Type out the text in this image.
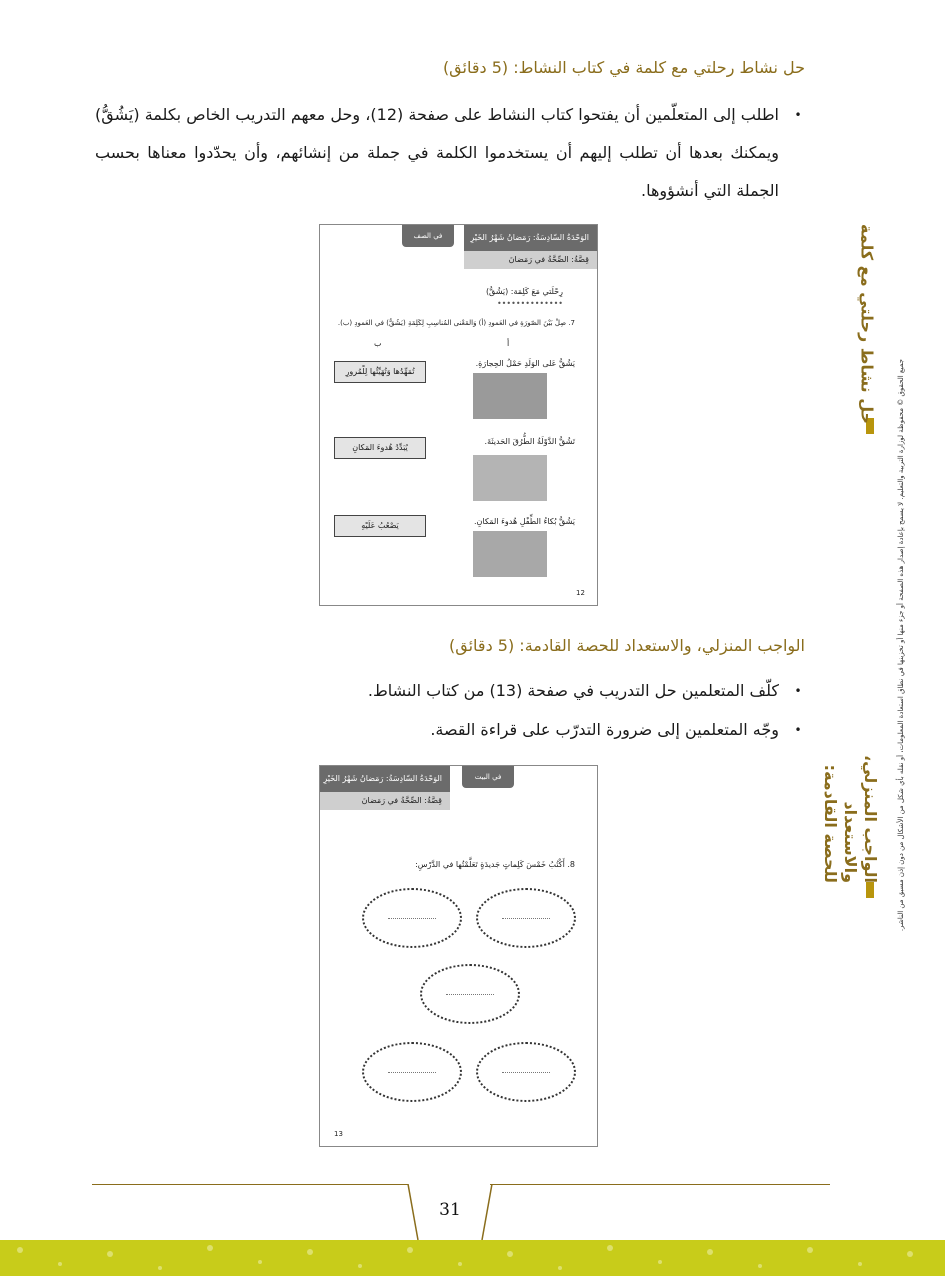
حل نشاط رحلتي مع كلمة في كتاب النشاط: (5 دقائق)
•
اطلب إلى المتعلّمين أن يفتحوا كتاب النشاط على صفحة (12)، وحل معهم التدريب الخاص بكلمة (يَشُقُّ) ويمكنك بعدها أن تطلب إليهم أن يستخدموا الكلمة في جملة من إنشائهم، وأن يحدّدوا معناها بحسب الجملة التي أنشؤوها.
حل نشاط رحلتي مع كلمة
الواجب المنزلي،
والاستعداد
للحصة القادمة:	جميع الحقوق © محفوظة لوزارة التربية والتعليم. لا يسمح بإعادة إصدار هذه الصفحة أو جزء منها أو تخزينها في نطاق استعادة المعلومات، أو نقله بأي شكل من الأشكال من دون إذن مسبق من الناشر.
في الصف	الوَحْدَةُ السّادِسَةُ: رَمَضانُ شَهْرُ الخَيْرِ
قِصَّةُ: الصِّحَّةُ في رَمَضانَ
رِحْلَتي مَعَ كَلِمَة: (يَشُقُّ)
••••••••••••••
7. صِلْ بَيْنَ الصّورَةِ في العَمودِ (أ) وَالمَعْنى المُناسِبِ لِكَلِمَةِ (يَشُقُّ) في العَمودِ (ب).
أ
ب
يَشُقُّ عَلى الوَلَدِ حَمْلُ الحِجارَةِ.
تُمَهِّدُها وَتُهَيِّئُها لِلْمُرورِ
تَشُقُّ الدَّوْلَةُ الطُّرُقَ الحَديثَةَ.
يُبَدِّدُ هُدوءَ المَكانِ
يَشُقُّ بُكاءُ الطِّفْلِ هُدوءَ المَكانِ.
يَصْعُبُ عَلَيْهِ
12
الواجب المنزلي، والاستعداد للحصة القادمة: (5 دقائق)
•
كلّف المتعلمين حل التدريب في صفحة (13) من كتاب النشاط.
•
وجّه المتعلمين إلى ضرورة التدرّب على قراءة القصة.
الوَحْدَةُ السّادِسَةُ: رَمَضانُ شَهْرُ الخَيْرِ
قِصَّةُ: الصِّحَّةُ في رَمَضانَ
في البيت
8. أَكْتُبُ خَمْسَ كَلِماتٍ جَديدَةٍ تَعَلَّمْتُها في الدَّرْسِ:
13
31
